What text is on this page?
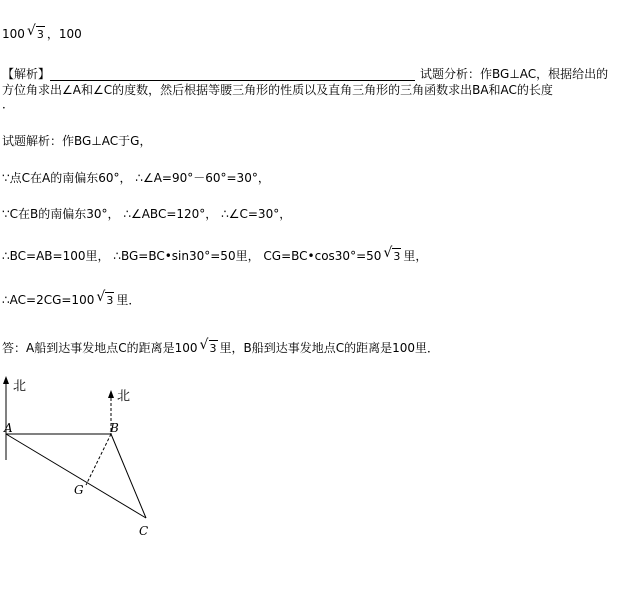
100 √ 3 ，100
【解析】	试题分析：作BG⊥AC，根据给出的
方位角求出∠A和∠C的度数，然后根据等腰三角形的性质以及直角三角形的三角函数求出BA和AC的长度
．
试题解析：作BG⊥AC于G，
∵点C在A的南偏东60°， ∴∠A=90°－60°=30°，
∵C在B的南偏东30°， ∴∠ABC=120°， ∴∠C=30°，
∴BC=AB=100里， ∴BG=BC•sin30°=50里， CG=BC•cos30°=50 √ 3 里，
∴AC=2CG=100 √ 3 里．
答：A船到达事发地点C的距离是100 √ 3 里，B船到达事发地点C的距离是100里．
北
北
A	B
G
C
